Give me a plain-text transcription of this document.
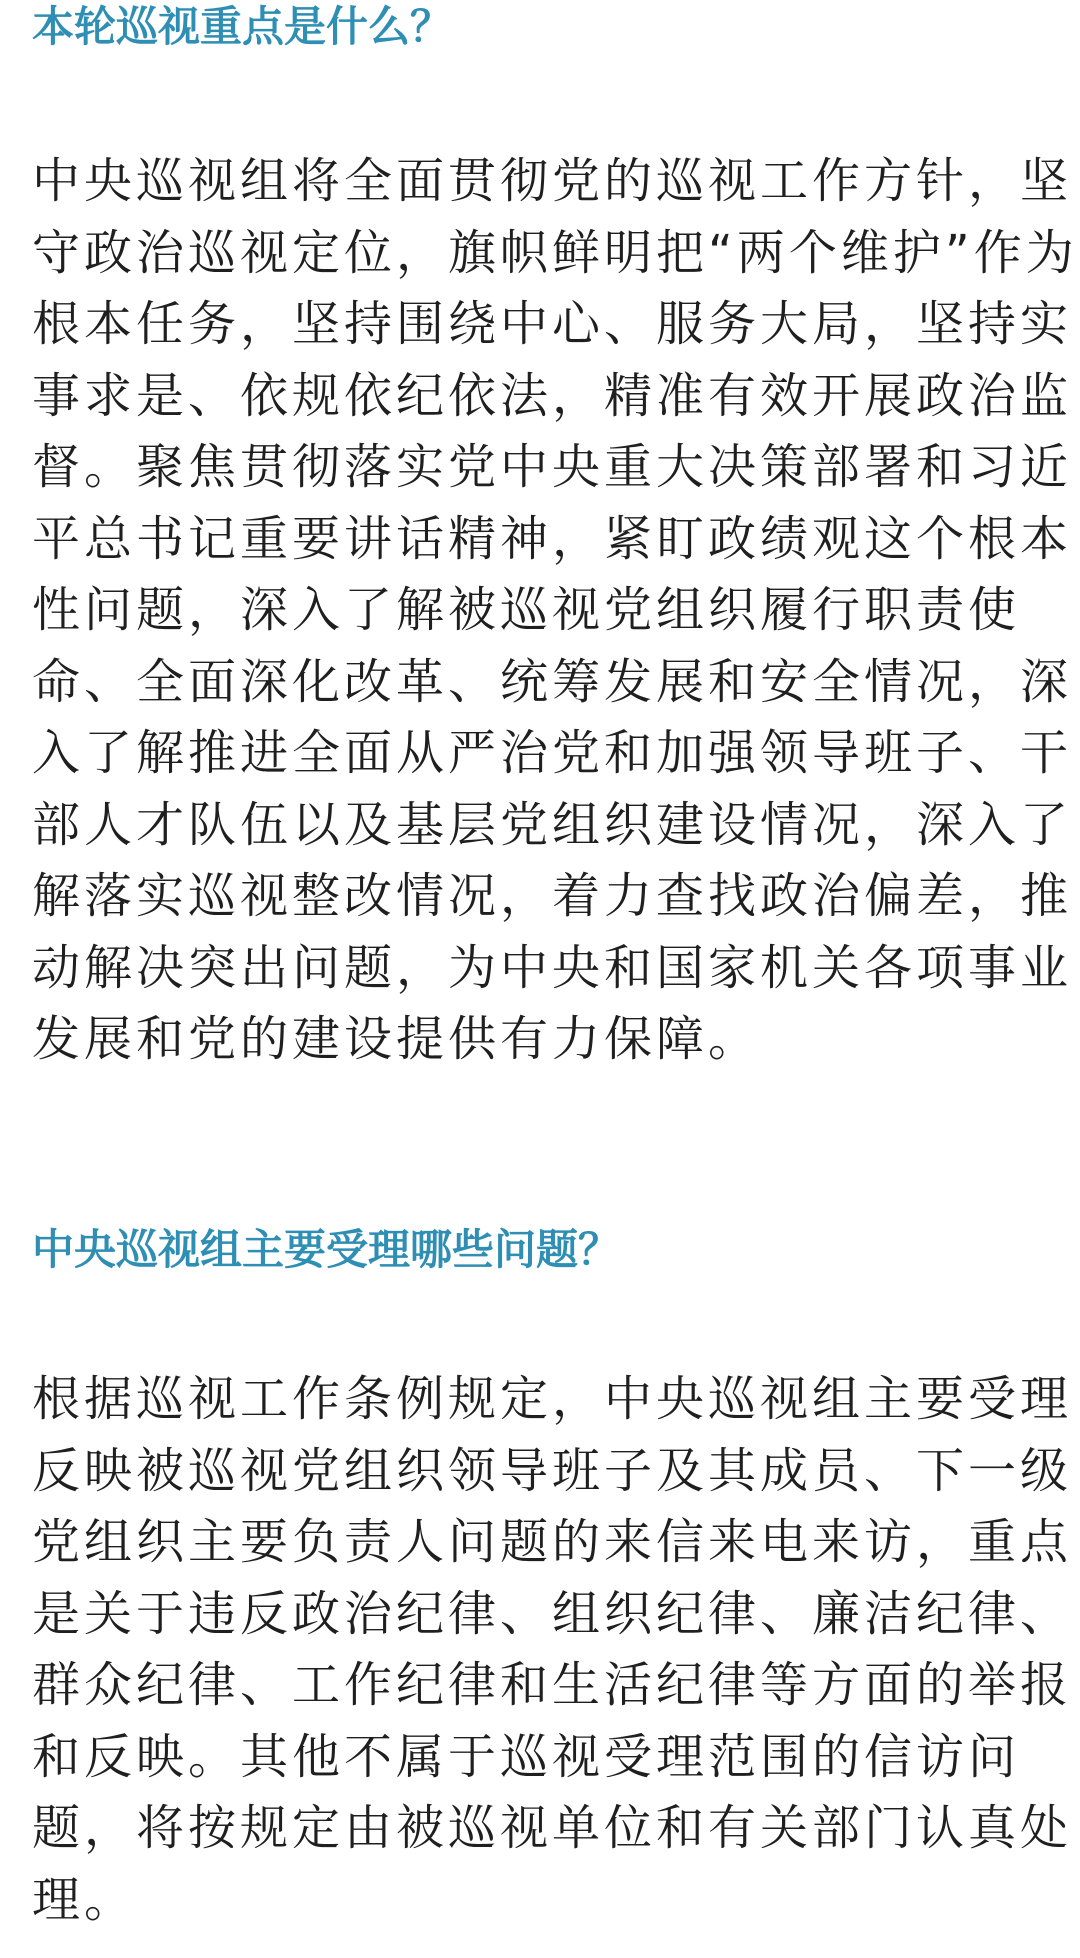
本轮巡视重点是什么？
中央巡视组将全面贯彻党的巡视工作方针，坚
守政治巡视定位，旗帜鲜明把“两个维护”作为
根本任务，坚持围绕中心、服务大局，坚持实
事求是、依规依纪依法，精准有效开展政治监
督。聚焦贯彻落实党中央重大决策部署和习近
平总书记重要讲话精神，紧盯政绩观这个根本
性问题，深入了解被巡视党组织履行职责使
命、全面深化改革、统筹发展和安全情况，深
入了解推进全面从严治党和加强领导班子、干
部人才队伍以及基层党组织建设情况，深入了
解落实巡视整改情况，着力查找政治偏差，推
动解决突出问题，为中央和国家机关各项事业
发展和党的建设提供有力保障。
中央巡视组主要受理哪些问题？
根据巡视工作条例规定，中央巡视组主要受理
反映被巡视党组织领导班子及其成员、下一级
党组织主要负责人问题的来信来电来访，重点
是关于违反政治纪律、组织纪律、廉洁纪律、
群众纪律、工作纪律和生活纪律等方面的举报
和反映。其他不属于巡视受理范围的信访问
题，将按规定由被巡视单位和有关部门认真处
理。
